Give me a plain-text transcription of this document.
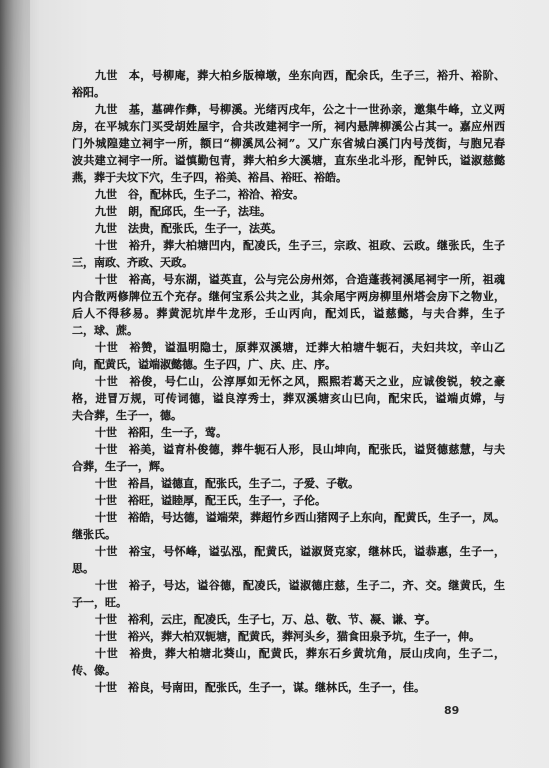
九世 本，号柳庵，葬大柏乡版樟墩，坐东向西，配余氏，生子三，裕升、裕阶、
裕阳。
九世 基，墓碑作彝，号柳溪。光绪丙戌年，公之十一世孙亲，邀集牛峰，立义两
房，在平城东门买受胡姓屋宇，合共改建祠宇一所，祠内悬牌柳溪公占其一。嘉应州西
门外城隍建立祠宇一所，额曰“柳溪凤公祠”。又广东省城白溪门内号茂街，与胞兄春
波共建立祠宇一所。谥慎勤包青，葬大柏乡大溪塘，直东坐北斗形，配钟氏，谥淑慈懿
燕，葬于夫坟下穴，生子四，裕美、裕昌、裕旺、裕皓。
九世 谷，配林氏，生子二，裕洽、裕安。
九世 朗，配邱氏，生一子，法珪。
九世 法贵，配张氏，生子一，法英。
十世 裕升，葬大柏塘凹内，配凌氏，生子三，宗政、祖政、云政。继张氏，生子
三，南政、齐政、天政。
十世 裕高，号东湖，谥英直，公与完公房州郊，合造蓬莪祠溪尾祠宇一所，祖魂
内合散两修牌位五个充存。继何宝系公共之业，其余尾宇两房柳里州塔会房下之物业，
后人不得移易。葬黄泥坑岸牛龙形，壬山丙向，配刘氏，谥慈懿，与夫合葬，生子
二，球、蔗。
十世 裕赞，谥温明隐士，原葬双溪塘，迁葬大柏塘牛轭石，夫妇共坟，辛山乙
向，配黄氏，谥端淑懿德。生子四，广、庆、庄、序。
十世 裕俊，号仁山，公淳厚如无怀之风，熙熙若葛天之业，应诚俊锐，较之豪
格，进冒万规，可传词德，谥良淳秀士，葬双溪塘亥山巳向，配宋氏，谥端贞嫦，与
夫合葬，生子一，德。
十世 裕阳，生一子，莺。
十世 裕美，谥育朴俊德，葬牛轭石人形，艮山坤向，配张氏，谥贤德慈慧，与夫
合葬，生子一，辉。
十世 裕昌，谥德直，配张氏，生子二，子爱、子敬。
十世 裕旺，谥睦厚，配王氏，生子一，子伦。
十世 裕皓，号达德，谥端荣，葬超竹乡西山猪网子上东向，配黄氏，生子一，凤。
继张氏。
十世 裕宝，号怀峰，谥弘泓，配黄氏，谥淑贤克家，继林氏，谥恭惠，生子一，
思。
十世 裕子，号达，谥谷德，配凌氏，谥淑德庄慈，生子二，齐、交。继黄氏，生
子一，旺。
十世 裕利，云庄，配凌氏，生子七，万、总、敬、节、凝、谦、亨。
十世 裕兴，葬大柏双轭塘，配黄氏，葬河头乡，猫食田泉予坑，生子一，伸。
十世 裕贵，葬大柏塘北葵山，配黄氏，葬东石乡黄坑角，辰山戌向，生子二，
传、像。
十世 裕良，号南田，配张氏，生子一，谋。继林氏，生子一，佳。
89
